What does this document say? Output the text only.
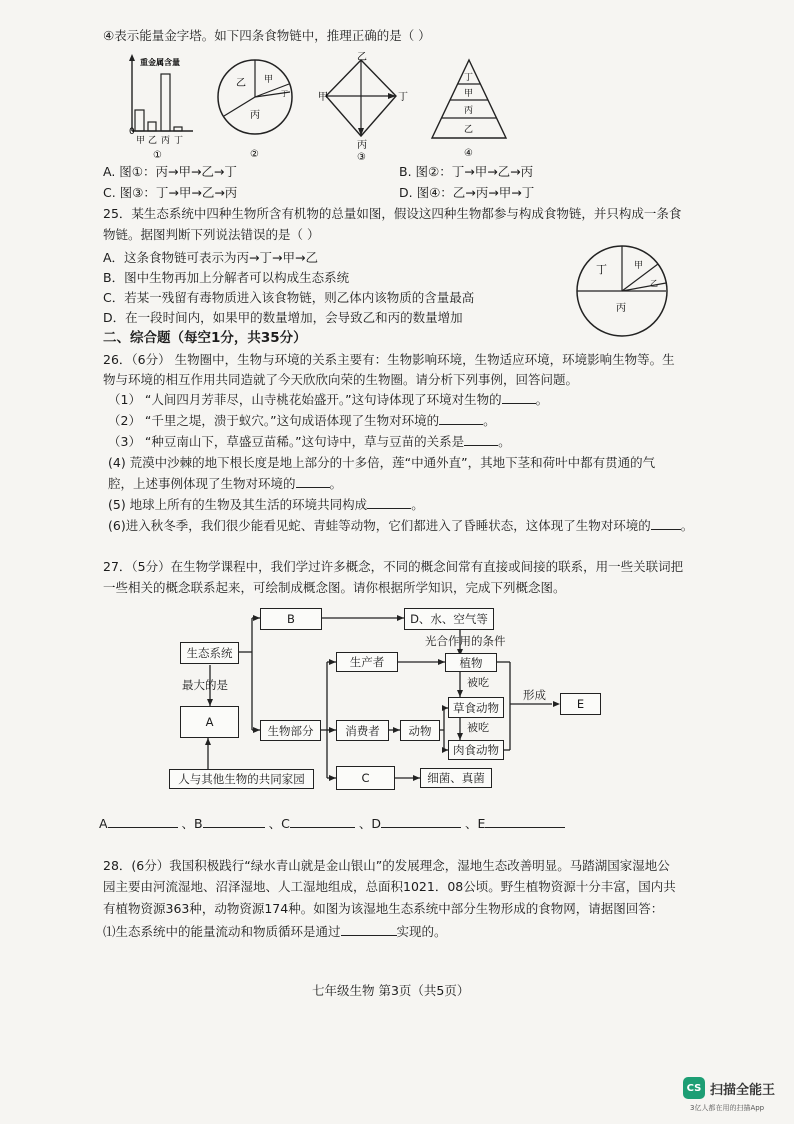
④表示能量金字塔。如下四条食物链中，推理正确的是（ ）
重金属含量
0
甲 乙 丙 丁
①
乙 甲
丁
丙
②
乙
甲	丁
丙
③
丁
甲
丙
乙
④
A. 图①：丙→甲→乙→丁	B. 图②：丁→甲→乙→丙
C. 图③：丁→甲→乙→丙	D. 图④：乙→丙→甲→丁
25．某生态系统中四种生物所含有机物的总量如图，假设这四种生物都参与构成食物链，并只构成一条食
物链。据图判断下列说法错误的是（ ）
A．这条食物链可表示为丙→丁→甲→乙
B．图中生物再加上分解者可以构成生态系统
C．若某一残留有毒物质进入该食物链，则乙体内该物质的含量最高
D．在一段时间内，如果甲的数量增加，会导致乙和丙的数量增加
丁	甲
乙
丙
二、综合题（每空1分，共35分）
26．（6分） 生物圈中，生物与环境的关系主要有：生物影响环境，生物适应环境，环境影响生物等。生
物与环境的相互作用共同造就了今天欣欣向荣的生物圈。请分析下列事例，回答问题。
（1） “人间四月芳菲尽，山寺桃花始盛开。”这句诗体现了环境对生物的	。
（2） “千里之堤，溃于蚁穴。”这句成语体现了生物对环境的	。
（3） “种豆南山下，草盛豆苗稀。”这句诗中，草与豆苗的关系是	。
(4) 荒漠中沙棘的地下根长度是地上部分的十多倍，莲“中通外直”，其地下茎和荷叶中都有贯通的气
腔，上述事例体现了生物对环境的	。
(5) 地球上所有的生物及其生活的环境共同构成	。
(6)进入秋冬季，我们很少能看见蛇、青蛙等动物，它们都进入了昏睡状态，这体现了生物对环境的 。
27．（5分）在生物学课程中，我们学过许多概念，不同的概念间常有直接或间接的联系，用一些关联词把
一些相关的概念联系起来，可绘制成概念图。请你根据所学知识，完成下列概念图。
生态系统
最大的是
A
人与其他生物的共同家园
B	D、水、空气等
光合作用的条件
生物部分
生产者	植物
被吃
草食动物
被吃
肉食动物
形成
E
消费者	动物
C	细菌、真菌
A	、B	、C	、D	、E
28．(6分）我国积极践行“绿水青山就是金山银山”的发展理念，湿地生态改善明显。马踏湖国家湿地公
园主要由河流湿地、沼泽湿地、人工湿地组成，总面积1021．08公顷。野生植物资源十分丰富，国内共
有植物资源363种，动物资源174种。如图为该湿地生态系统中部分生物形成的食物网，请据图回答：
⑴生态系统中的能量流动和物质循环是通过	实现的。
七年级生物 第3页（共5页）
CS 扫描全能王
3亿人都在用的扫描App
